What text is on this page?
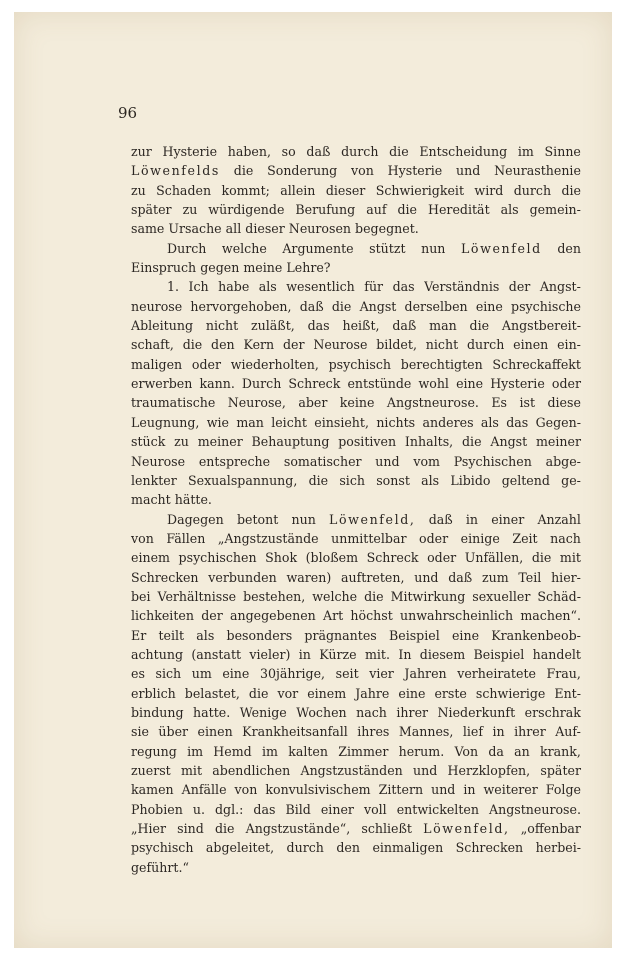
96
zur Hysterie haben, so daß durch die Entscheidung im Sinne
Löwenfelds die Sonderung von Hysterie und Neurasthenie
zu Schaden kommt; allein dieser Schwierigkeit wird durch die
später zu würdigende Berufung auf die Heredität als gemein-
same Ursache all dieser Neurosen begegnet.
Durch welche Argumente stützt nun Löwenfeld den
Einspruch gegen meine Lehre?
1. Ich habe als wesentlich für das Verständnis der Angst-
neurose hervorgehoben, daß die Angst derselben eine psychische
Ableitung nicht zuläßt, das heißt, daß man die Angstbereit-
schaft, die den Kern der Neurose bildet, nicht durch einen ein-
maligen oder wiederholten, psychisch berechtigten Schreckaffekt
erwerben kann. Durch Schreck entstünde wohl eine Hysterie oder
traumatische Neurose, aber keine Angstneurose. Es ist diese
Leugnung, wie man leicht einsieht, nichts anderes als das Gegen-
stück zu meiner Behauptung positiven Inhalts, die Angst meiner
Neurose entspreche somatischer und vom Psychischen abge-
lenkter Sexualspannung, die sich sonst als Libido geltend ge-
macht hätte.
Dagegen betont nun Löwenfeld, daß in einer Anzahl
von Fällen „Angstzustände unmittelbar oder einige Zeit nach
einem psychischen Shok (bloßem Schreck oder Unfällen, die mit
Schrecken verbunden waren) auftreten, und daß zum Teil hier-
bei Verhältnisse bestehen, welche die Mitwirkung sexueller Schäd-
lichkeiten der angegebenen Art höchst unwahrscheinlich machen“.
Er teilt als besonders prägnantes Beispiel eine Krankenbeob-
achtung (anstatt vieler) in Kürze mit. In diesem Beispiel handelt
es sich um eine 30jährige, seit vier Jahren verheiratete Frau,
erblich belastet, die vor einem Jahre eine erste schwierige Ent-
bindung hatte. Wenige Wochen nach ihrer Niederkunft erschrak
sie über einen Krankheitsanfall ihres Mannes, lief in ihrer Auf-
regung im Hemd im kalten Zimmer herum. Von da an krank,
zuerst mit abendlichen Angstzuständen und Herzklopfen, später
kamen Anfälle von konvulsivischem Zittern und in weiterer Folge
Phobien u. dgl.: das Bild einer voll entwickelten Angstneurose.
„Hier sind die Angstzustände“, schließt Löwenfeld, „offenbar
psychisch abgeleitet, durch den einmaligen Schrecken herbei-
geführt.“
